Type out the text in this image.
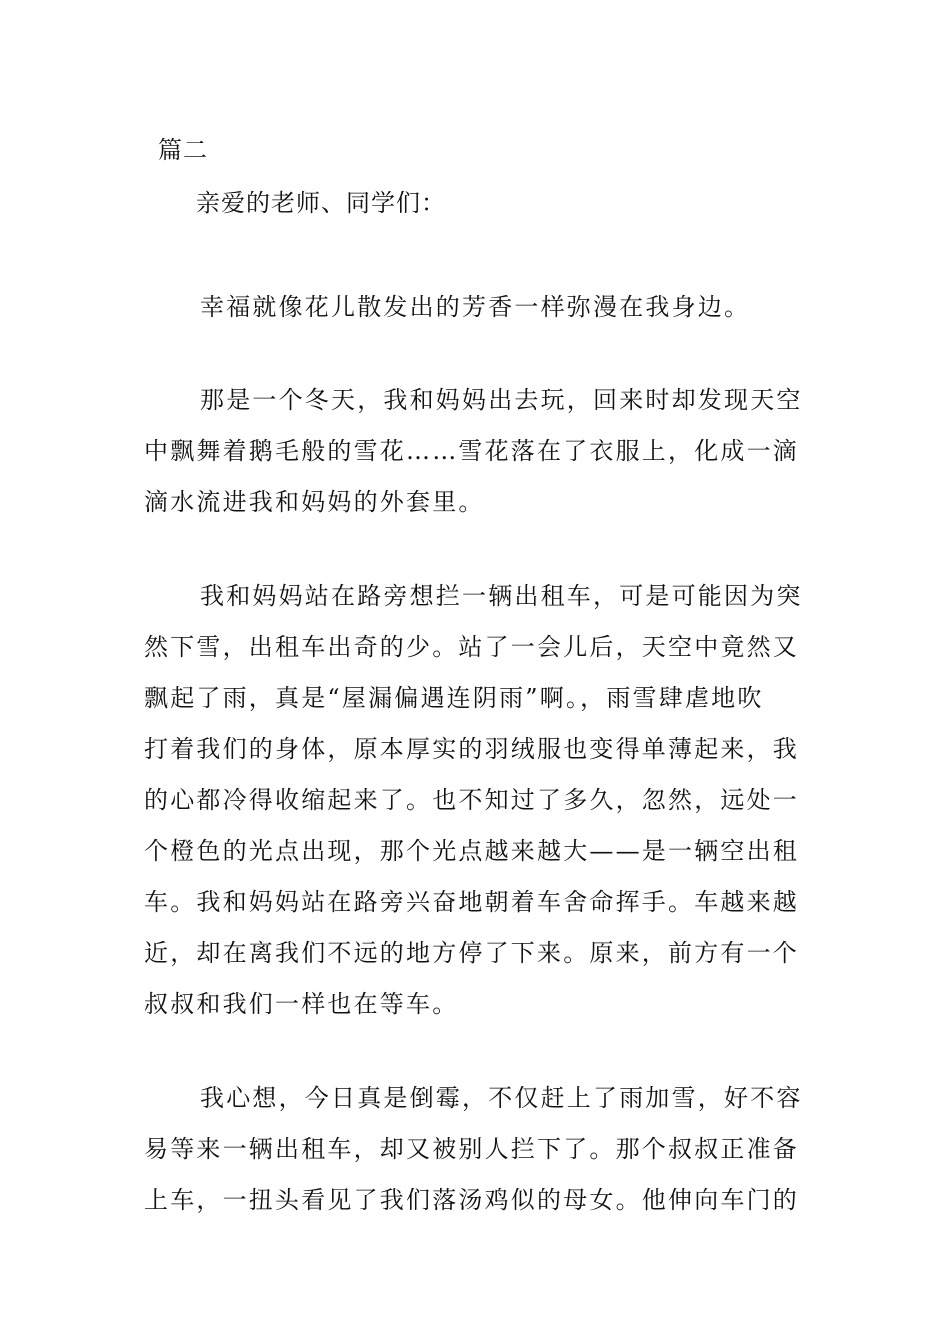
篇二
亲爱的老师、同学们：
幸福就像花儿散发出的芳香一样弥漫在我身边。
那是一个冬天，我和妈妈出去玩，回来时却发现天空
中飘舞着鹅毛般的雪花……雪花落在了衣服上，化成一滴
滴水流进我和妈妈的外套里。
我和妈妈站在路旁想拦一辆出租车，可是可能因为突
然下雪，出租车出奇的少。站了一会儿后，天空中竟然又
飘起了雨，真是“屋漏偏遇连阴雨”啊。，雨雪肆虐地吹
打着我们的身体，原本厚实的羽绒服也变得单薄起来，我
的心都冷得收缩起来了。也不知过了多久，忽然，远处一
个橙色的光点出现，那个光点越来越大——是一辆空出租
车。我和妈妈站在路旁兴奋地朝着车舍命挥手。车越来越
近，却在离我们不远的地方停了下来。原来，前方有一个
叔叔和我们一样也在等车。
我心想，今日真是倒霉，不仅赶上了雨加雪，好不容
易等来一辆出租车，却又被别人拦下了。那个叔叔正准备
上车，一扭头看见了我们落汤鸡似的母女。他伸向车门的
